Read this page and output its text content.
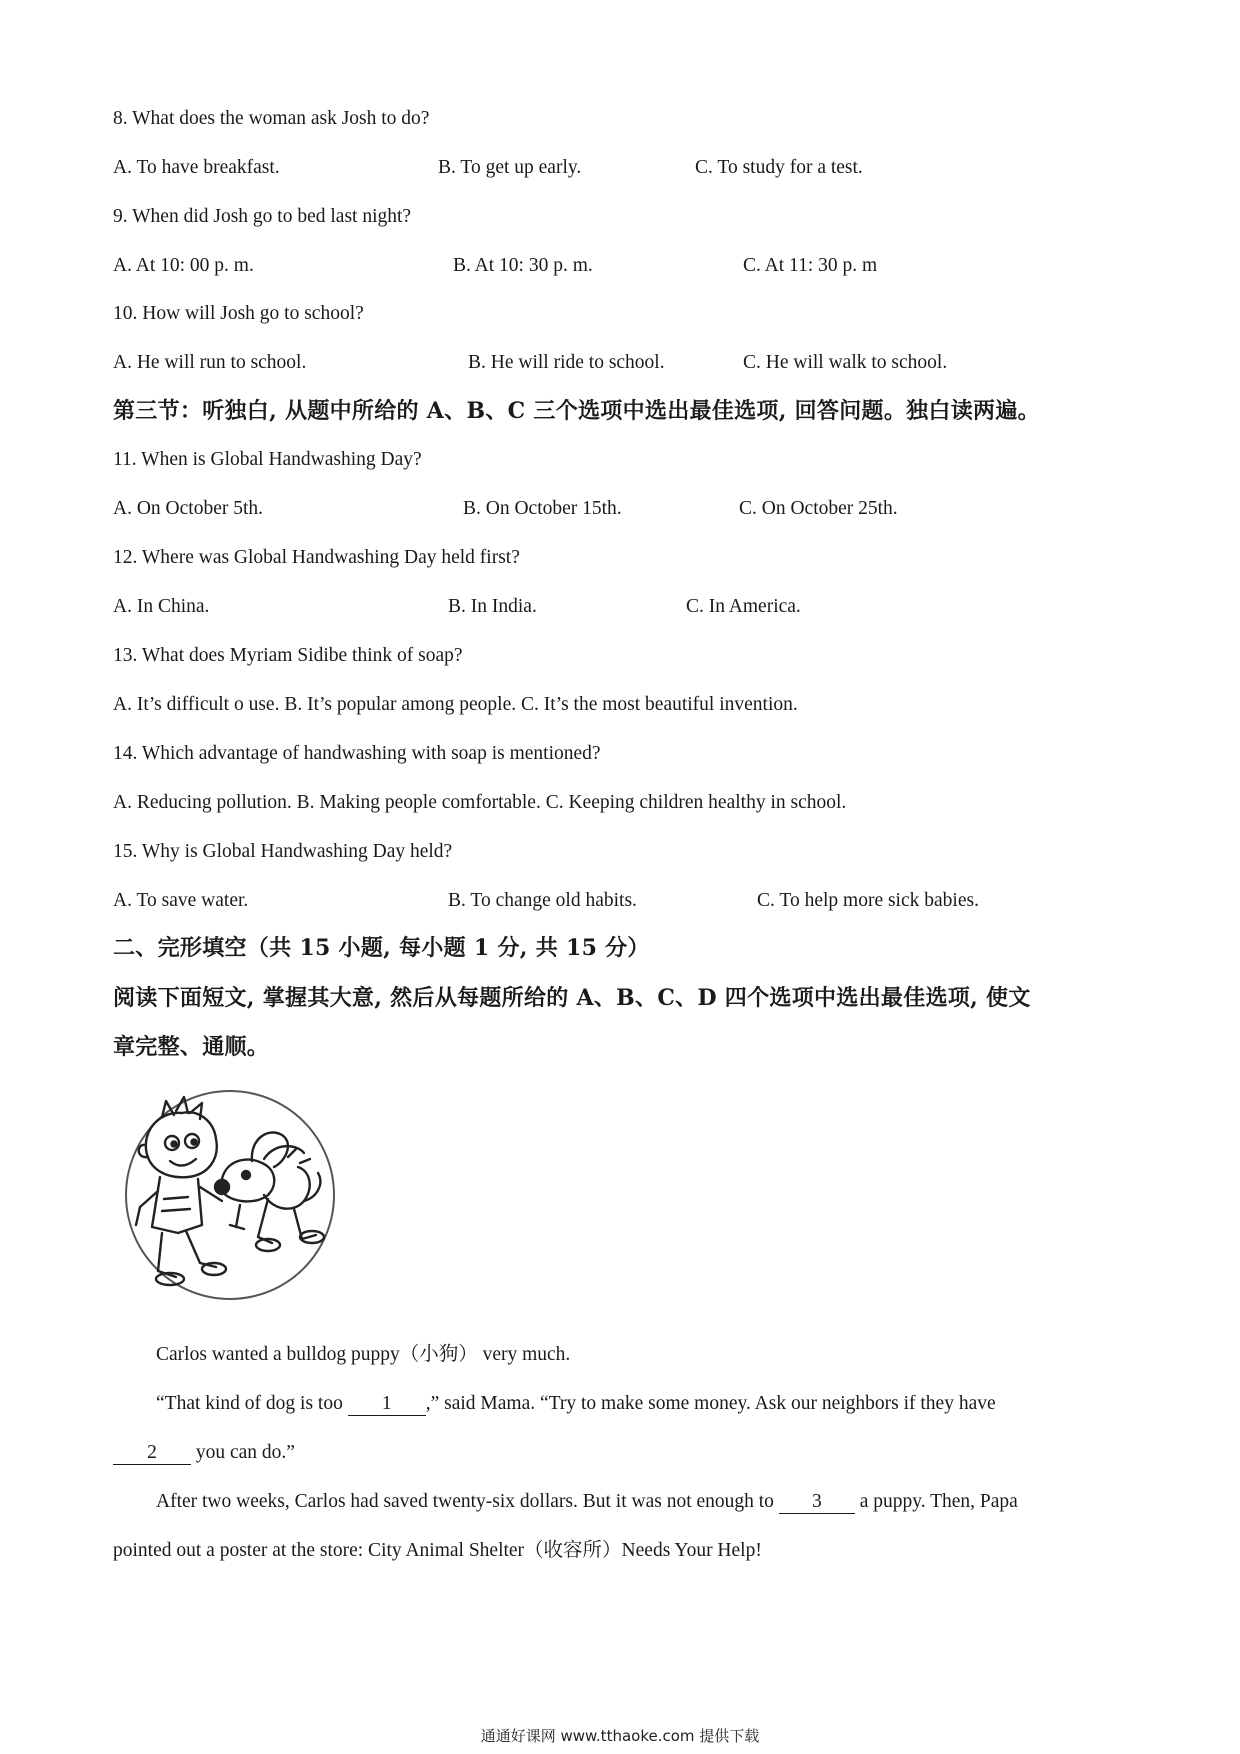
8. What does the woman ask Josh to do?
A. To have breakfast.	B. To get up early.	C. To study for a test.
9. When did Josh go to bed last night?
A. At 10: 00 p. m.	B. At 10: 30 p. m.	C. At 11: 30 p. m
10. How will Josh go to school?
A. He will run to school.	B. He will ride to school.	C. He will walk to school.
第三节：听独白, 从题中所给的 A、B、C 三个选项中选出最佳选项, 回答问题。独白读两遍。
11. When is Global Handwashing Day?
A. On October 5th.	B. On October 15th.	C. On October 25th.
12. Where was Global Handwashing Day held first?
A. In China.	B. In India.	C. In America.
13. What does Myriam Sidibe think of soap?
A. It’s difficult o use. B. It’s popular among people. C. It’s the most beautiful invention.
14. Which advantage of handwashing with soap is mentioned?
A. Reducing pollution. B. Making people comfortable. C. Keeping children healthy in school.
15. Why is Global Handwashing Day held?
A. To save water.	B. To change old habits.	C. To help more sick babies.
二、完形填空（共 15 小题, 每小题 1 分, 共 15 分）
阅读下面短文, 掌握其大意, 然后从每题所给的 A、B、C、D 四个选项中选出最佳选项, 使文
章完整、通顺。
Carlos wanted a bulldog puppy（小狗） very much.
“That kind of dog is too 1 ,” said Mama. “Try to make some money. Ask our neighbors if they have
2 you can do.”
After two weeks, Carlos had saved twenty-six dollars. But it was not enough to 3 a puppy. Then, Papa
pointed out a poster at the store: City Animal Shelter（收容所）Needs Your Help!
通通好课网 www.tthaoke.com 提供下载
